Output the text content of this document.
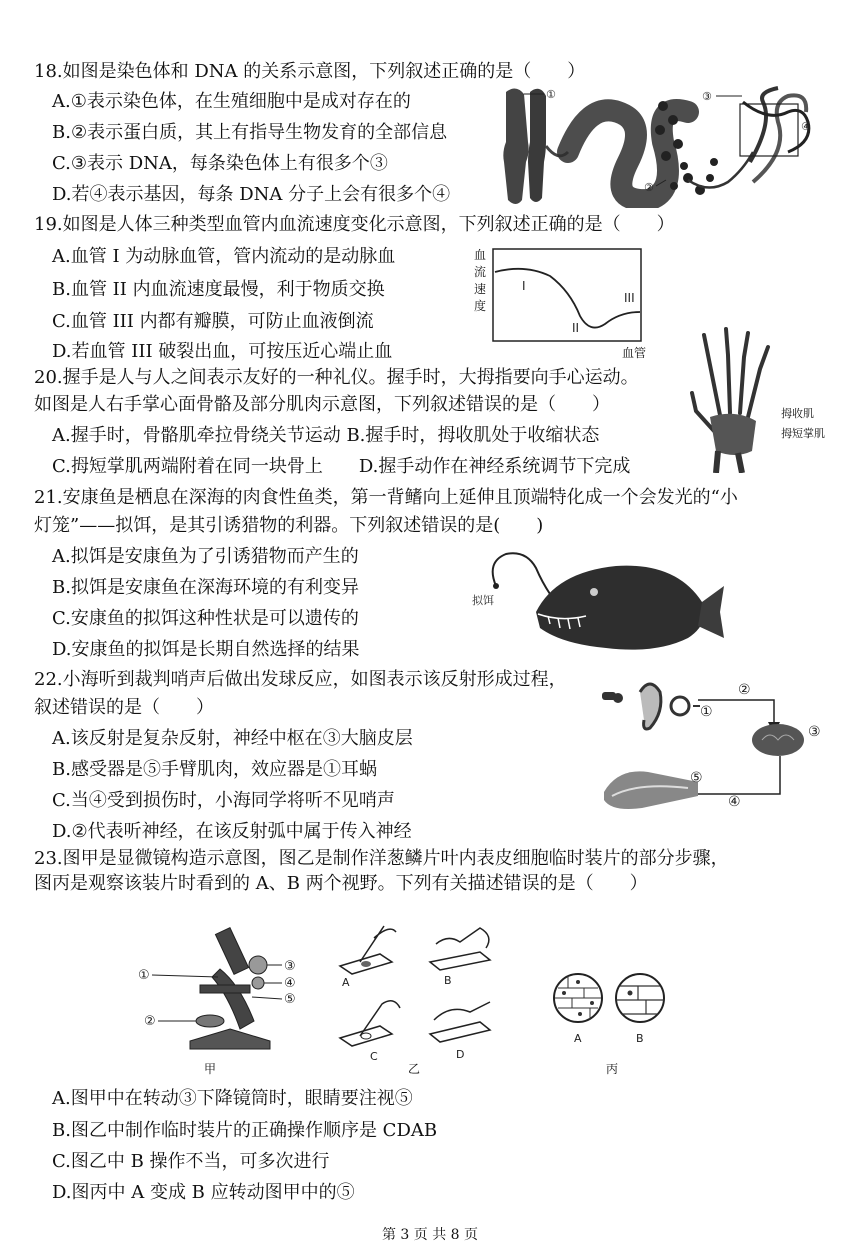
18.如图是染色体和 DNA 的关系示意图，下列叙述正确的是（　　）
A.①表示染色体，在生殖细胞中是成对存在的
B.②表示蛋白质，其上有指导生物发育的全部信息
C.③表示 DNA，每条染色体上有很多个③
D.若④表示基因，每条 DNA 分子上会有很多个④
①
②
③
④
19.如图是人体三种类型血管内血流速度变化示意图，下列叙述正确的是（　　）
A.血管 I 为动脉血管，管内流动的是动脉血
B.血管 II 内血流速度最慢，利于物质交换
C.血管 III 内都有瓣膜，可防止血液倒流
D.若血管 III 破裂出血，可按压近心端止血
血流速度
I
II
III
血管
20.握手是人与人之间表示友好的一种礼仪。握手时，大拇指要向手心运动。
如图是人右手掌心面骨骼及部分肌肉示意图，下列叙述错误的是（　　）
A.握手时，骨骼肌牵拉骨绕关节运动 B.握手时，拇收肌处于收缩状态
C.拇短掌肌两端附着在同一块骨上　　D.握手动作在神经系统调节下完成
拇收肌
拇短掌肌
21.安康鱼是栖息在深海的肉食性鱼类，第一背鳍向上延伸且顶端特化成一个会发光的“小
灯笼”——拟饵，是其引诱猎物的利器。下列叙述错误的是(　　)
A.拟饵是安康鱼为了引诱猎物而产生的
B.拟饵是安康鱼在深海环境的有利变异
C.安康鱼的拟饵这种性状是可以遗传的
D.安康鱼的拟饵是长期自然选择的结果
拟饵
22.小海听到裁判哨声后做出发球反应，如图表示该反射形成过程，
叙述错误的是（　　）
A.该反射是复杂反射，神经中枢在③大脑皮层
B.感受器是⑤手臂肌肉，效应器是①耳蜗
C.当④受到损伤时，小海同学将听不见哨声
D.②代表听神经，在该反射弧中属于传入神经
①
②
③
④
⑤
23.图甲是显微镜构造示意图，图乙是制作洋葱鳞片叶内表皮细胞临时装片的部分步骤，
图丙是观察该装片时看到的 A、B 两个视野。下列有关描述错误的是（　　）
①
②
③
④
⑤
甲
A	B
C	D
乙
A	B
丙
A.图甲中在转动③下降镜筒时，眼睛要注视⑤
B.图乙中制作临时装片的正确操作顺序是 CDAB
C.图乙中 B 操作不当，可多次进行
D.图丙中 A 变成 B 应转动图甲中的⑤
第 3 页 共 8 页
